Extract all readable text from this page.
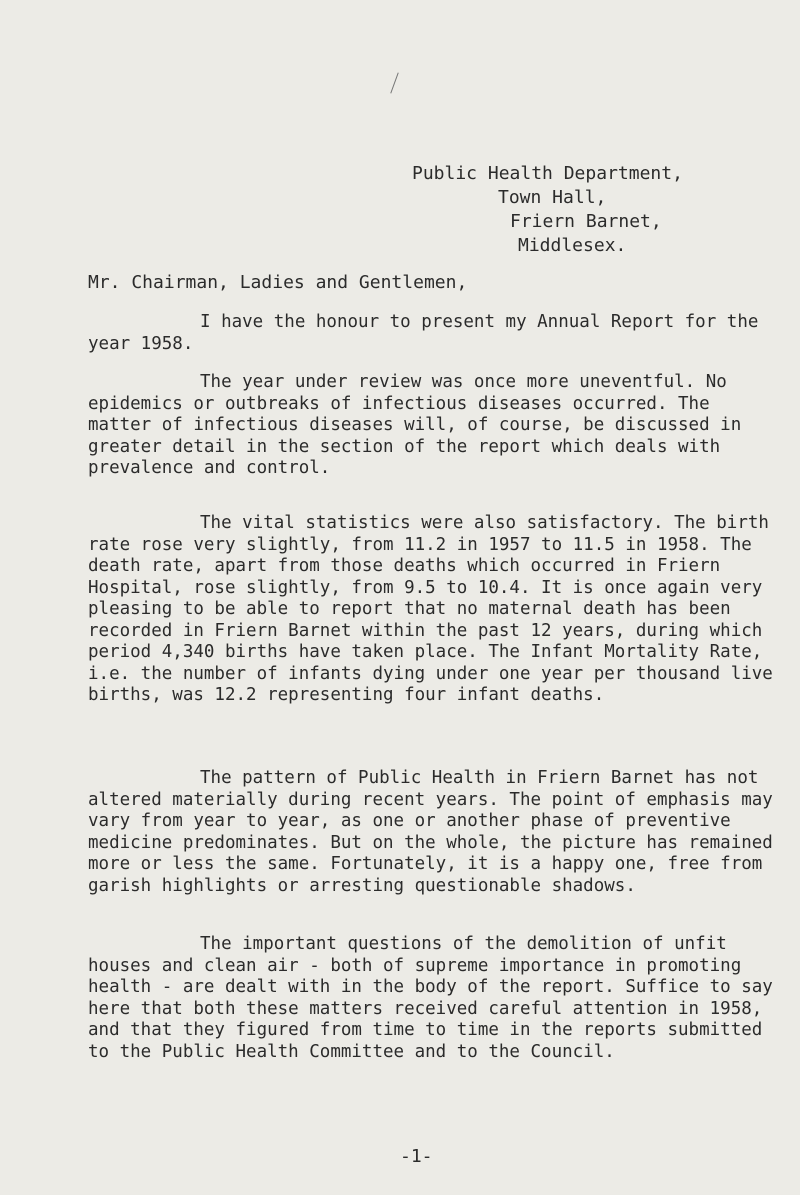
Public Health Department,
Town Hall,
Friern Barnet,
Middlesex.
Mr. Chairman, Ladies and Gentlemen,

I have the honour to present my Annual Report for the year 1958.

The year under review was once more uneventful. No epidemics or outbreaks of infectious diseases occurred. The matter of infectious diseases will, of course, be discussed in greater detail in the section of the report which deals with prevalence and control.

The vital statistics were also satisfactory. The birth rate rose very slightly, from 11.2 in 1957 to 11.5 in 1958. The death rate, apart from those deaths which occurred in Friern Hospital, rose slightly, from 9.5 to 10.4. It is once again very pleasing to be able to report that no maternal death has been recorded in Friern Barnet within the past 12 years, during which period 4,340 births have taken place. The Infant Mortality Rate, i.e. the number of infants dying under one year per thousand live births, was 12.2 representing four infant deaths.

The pattern of Public Health in Friern Barnet has not altered materially during recent years. The point of emphasis may vary from year to year, as one or another phase of preventive medicine predominates. But on the whole, the picture has remained more or less the same. Fortunately, it is a happy one, free from garish highlights or arresting questionable shadows.

The important questions of the demolition of unfit houses and clean air - both of supreme importance in promoting health - are dealt with in the body of the report. Suffice to say here that both these matters received careful attention in 1958, and that they figured from time to time in the reports submitted to the Public Health Committee and to the Council.

-1-
